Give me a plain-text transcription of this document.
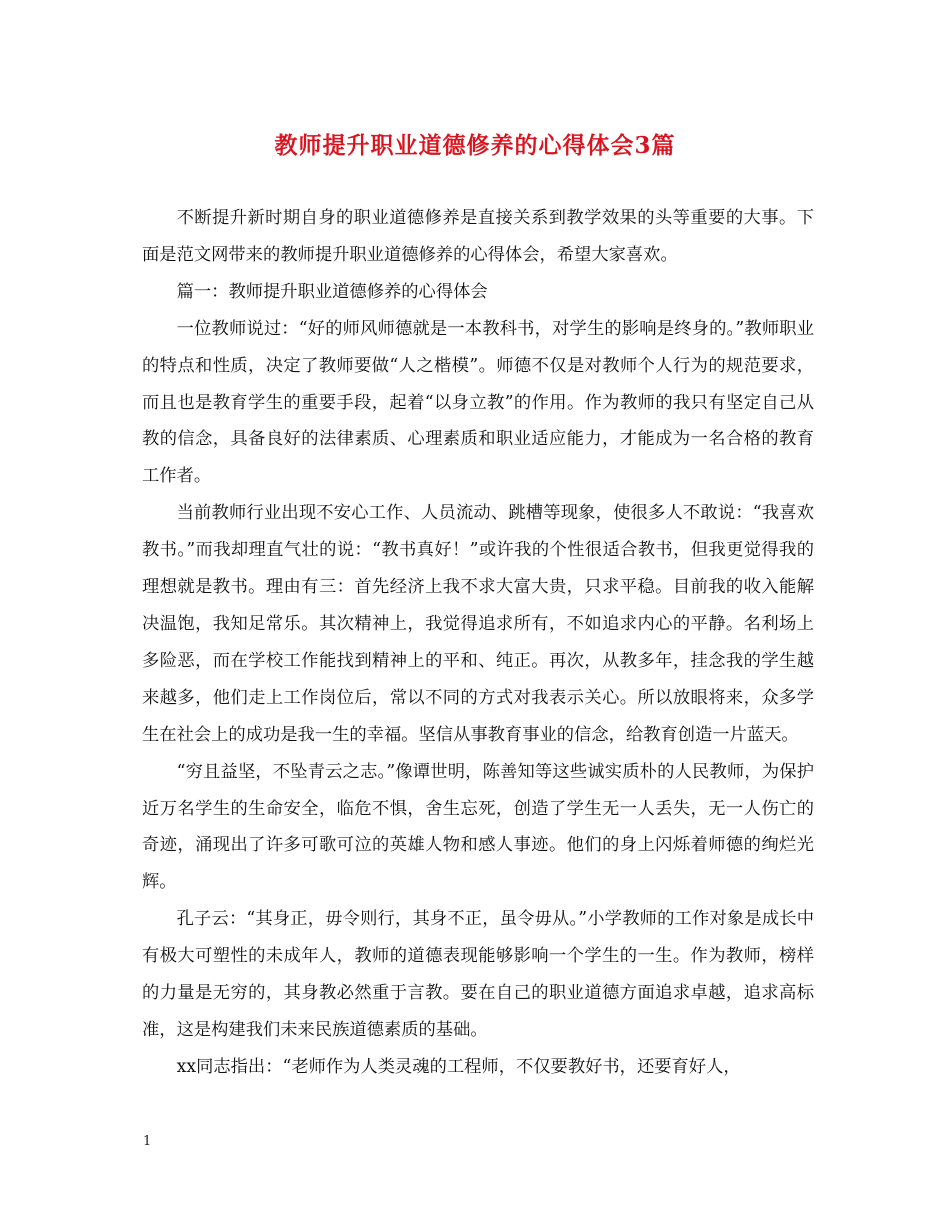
教师提升职业道德修养的心得体会3篇

不断提升新时期自身的职业道德修养是直接关系到教学效果的头等重要的大事。下面是范文网带来的教师提升职业道德修养的心得体会，希望大家喜欢。

篇一：教师提升职业道德修养的心得体会

一位教师说过：“好的师风师德就是一本教科书，对学生的影响是终身的。”教师职业的特点和性质，决定了教师要做“人之楷模”。师德不仅是对教师个人行为的规范要求，而且也是教育学生的重要手段，起着“以身立教”的作用。作为教师的我只有坚定自己从教的信念，具备良好的法律素质、心理素质和职业适应能力，才能成为一名合格的教育工作者。

当前教师行业出现不安心工作、人员流动、跳槽等现象，使很多人不敢说：“我喜欢教书。”而我却理直气壮的说：“教书真好！”或许我的个性很适合教书，但我更觉得我的理想就是教书。理由有三：首先经济上我不求大富大贵，只求平稳。目前我的收入能解决温饱，我知足常乐。其次精神上，我觉得追求所有，不如追求内心的平静。名利场上多险恶，而在学校工作能找到精神上的平和、纯正。再次，从教多年，挂念我的学生越来越多，他们走上工作岗位后，常以不同的方式对我表示关心。所以放眼将来，众多学生在社会上的成功是我一生的幸福。坚信从事教育事业的信念，给教育创造一片蓝天。

“穷且益坚，不坠青云之志。”像谭世明，陈善知等这些诚实质朴的人民教师，为保护近万名学生的生命安全，临危不惧，舍生忘死，创造了学生无一人丢失，无一人伤亡的奇迹，涌现出了许多可歌可泣的英雄人物和感人事迹。他们的身上闪烁着师德的绚烂光辉。

孔子云：“其身正，毋令则行，其身不正，虽令毋从。”小学教师的工作对象是成长中有极大可塑性的未成年人，教师的道德表现能够影响一个学生的一生。作为教师，榜样的力量是无穷的，其身教必然重于言教。要在自己的职业道德方面追求卓越，追求高标准，这是构建我们未来民族道德素质的基础。

xx同志指出：“老师作为人类灵魂的工程师，不仅要教好书，还要育好人，

1
